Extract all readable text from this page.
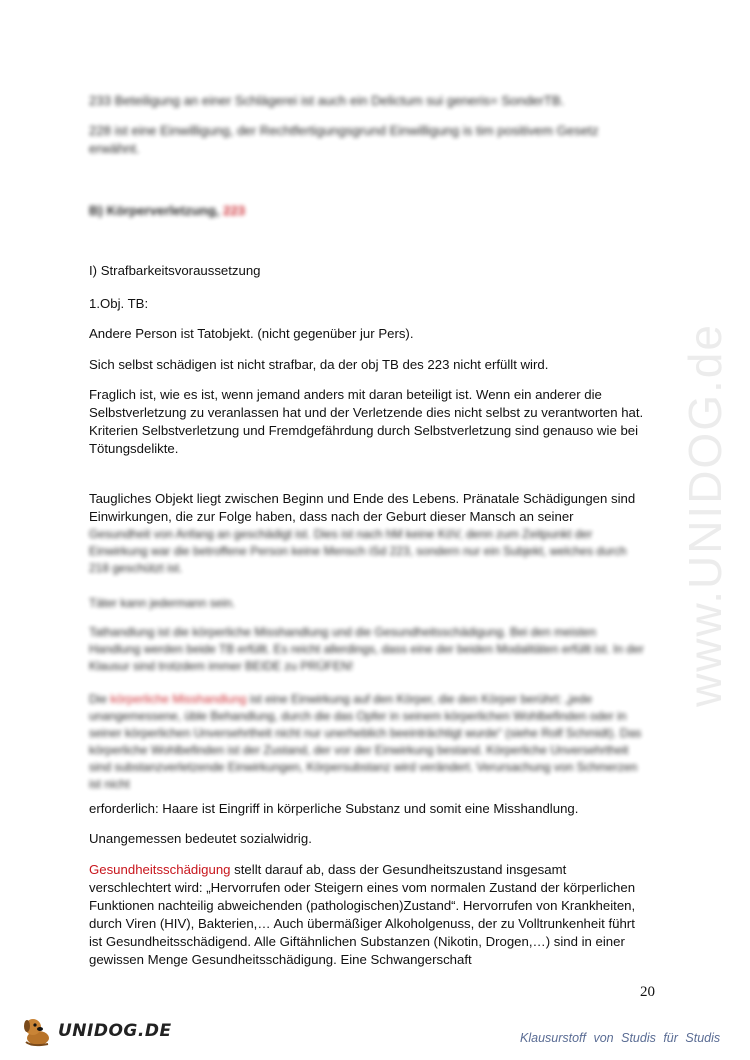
www.UNIDOG.de

233 Beteiligung an einer Schlägerei ist auch ein Delictum sui generis= SonderTB.

228 ist eine Einwilligung, der Rechtfertigungsgrund Einwilligung is tim positivem Gesetz erwähnt.

B) Körperverletzung, 223

I) Strafbarkeitsvoraussetzung

1.Obj. TB:

Andere Person ist Tatobjekt. (nicht gegenüber jur Pers).

Sich selbst schädigen ist nicht strafbar, da der obj TB des 223 nicht erfüllt wird.

Fraglich ist, wie es ist, wenn jemand anders mit daran beteiligt ist. Wenn ein anderer die Selbstverletzung zu veranlassen hat und der Verletzende dies nicht selbst zu verantworten hat.
Kriterien Selbstverletzung und Fremdgefährdung durch Selbstverletzung sind genauso wie bei Tötungsdelikte.

Taugliches Objekt liegt zwischen Beginn und Ende des Lebens. Pränatale Schädigungen sind Einwirkungen, die zur Folge haben, dass nach der Geburt dieser Mansch an seiner

Gesundheit von Anfang an geschädigt ist. Dies ist nach hM keine KöV, denn zum Zeitpunkt der Einwirkung war die betroffene Person keine Mensch iSd 223, sondern nur ein Subjekt, welches durch 218 geschützt ist.

Täter kann jedermann sein.

Tathandlung ist die körperliche Misshandlung und die Gesundheitsschädigung. Bei den meisten Handlung werden beide TB erfüllt. Es reicht allerdings, dass eine der beiden Modalitäten erfüllt ist. In der Klausur sind trotzdem immer BEIDE zu PRÜFEN!

Die körperliche Misshandlung ist eine Einwirkung auf den Körper, die den Körper berührt: „jede unangemessene, üble Behandlung, durch die das Opfer in seinem körperlichen Wohlbefinden oder in seiner körperlichen Unversehrtheit nicht nur unerheblich beeinträchtigt wurde“ (siehe Rolf Schmidt). Das körperliche Wohlbefinden ist der Zustand, der vor der Einwirkung bestand. Körperliche Unversehrtheit sind substanzverletzende Einwirkungen, Körpersubstanz wird verändert. Verursachung von Schmerzen ist nicht

erforderlich: Haare ist Eingriff in körperliche Substanz und somit eine Misshandlung.

Unangemessen bedeutet sozialwidrig.

Gesundheitsschädigung stellt darauf ab, dass der Gesundheitszustand insgesamt verschlechtert wird: „Hervorrufen oder Steigern eines vom normalen Zustand der körperlichen Funktionen nachteilig abweichenden (pathologischen)Zustand“. Hervorrufen von Krankheiten, durch Viren (HIV), Bakterien,… Auch übermäßiger Alkoholgenuss, der zu Volltrunkenheit führt ist Gesundheitsschädigend. Alle Giftähnlichen Substanzen (Nikotin, Drogen,…) sind in einer gewissen Menge Gesundheitsschädigung. Eine Schwangerschaft

20
UNIDOG.DE	Klausurstoff von Studis für Studis
